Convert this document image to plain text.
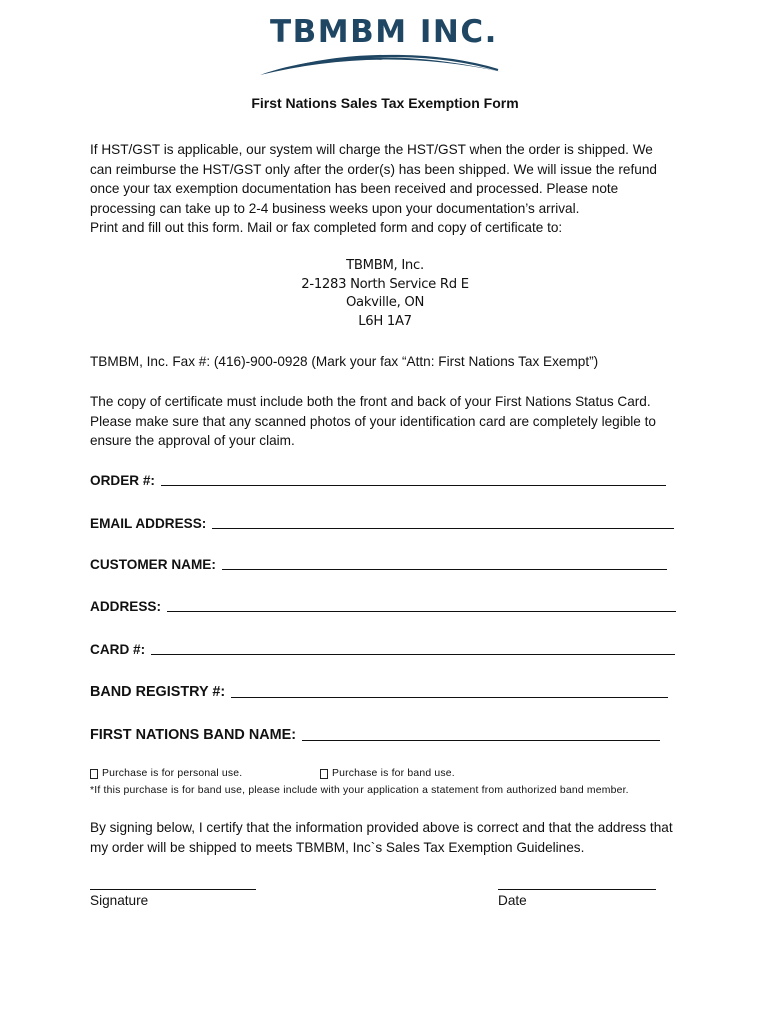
TBMBM INC.
First Nations Sales Tax Exemption Form
If HST/GST is applicable, our system will charge the HST/GST when the order is shipped. We
can reimburse the HST/GST only after the order(s) has been shipped. We will issue the refund
once your tax exemption documentation has been received and processed. Please note
processing can take up to 2-4 business weeks upon your documentation’s arrival.
Print and fill out this form. Mail or fax completed form and copy of certificate to:
TBMBM, Inc.
2-1283 North Service Rd E
Oakville, ON
L6H 1A7
TBMBM, Inc. Fax #: (416)-900-0928 (Mark your fax “Attn: First Nations Tax Exempt”)
The copy of certificate must include both the front and back of your First Nations Status Card.
Please make sure that any scanned photos of your identification card are completely legible to
ensure the approval of your claim.
ORDER #:
EMAIL ADDRESS:
CUSTOMER NAME:
ADDRESS:
CARD #:
BAND REGISTRY #:
FIRST NATIONS BAND NAME:
Purchase is for personal use.	Purchase is for band use.
*If this purchase is for band use, please include with your application a statement from authorized band member.
By signing below, I certify that the information provided above is correct and that the address that
my order will be shipped to meets TBMBM, Inc`s Sales Tax Exemption Guidelines.
Signature	Date
